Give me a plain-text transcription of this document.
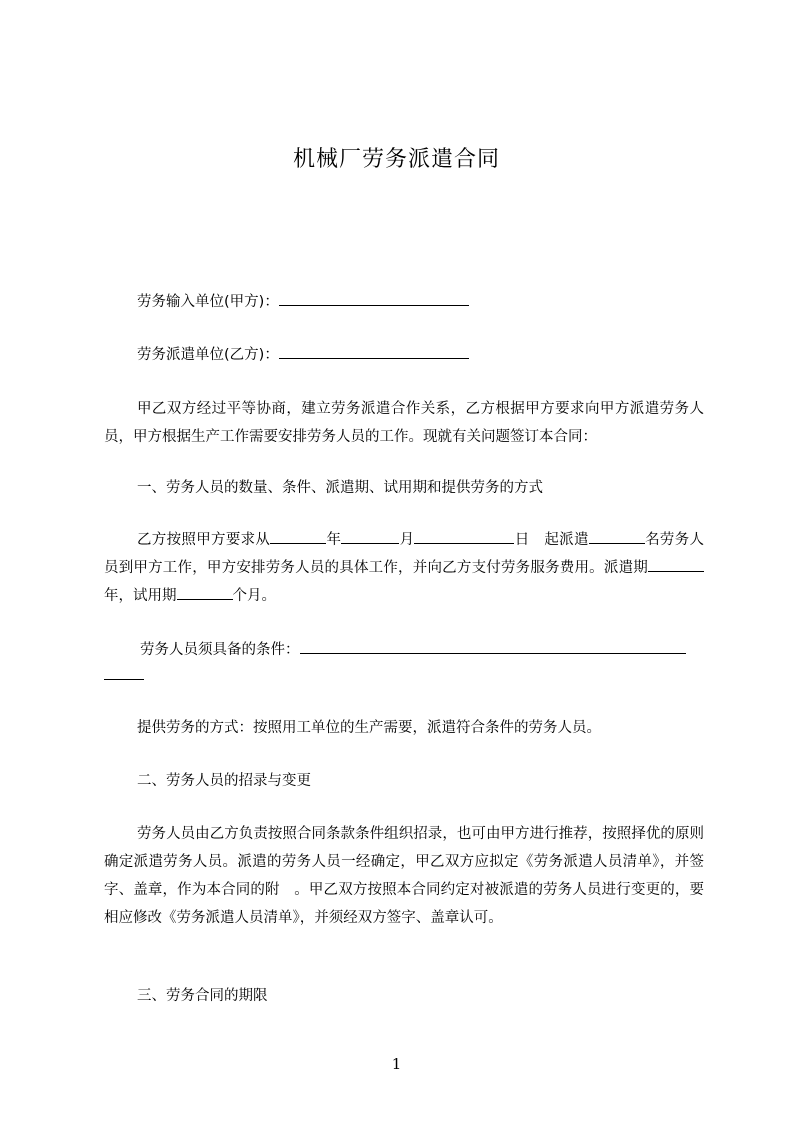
机械厂劳务派遣合同
劳务输入单位(甲方)：
劳务派遣单位(乙方)：
甲乙双方经过平等协商，建立劳务派遣合作关系，乙方根据甲方要求向甲方派遣劳务人员，甲方根据生产工作需要安排劳务人员的工作。现就有关问题签订本合同：
一、劳务人员的数量、条件、派遣期、试用期和提供劳务的方式
乙方按照甲方要求从	年	月	日　起派遣	名劳务人员到甲方工作，甲方安排劳务人员的具体工作，并向乙方支付劳务服务费用。派遣期年，试用期	个月。
劳务人员须具备的条件：
提供劳务的方式：按照用工单位的生产需要，派遣符合条件的劳务人员。
二、劳务人员的招录与变更
劳务人员由乙方负责按照合同条款条件组织招录，也可由甲方进行推荐，按照择优的原则确定派遣劳务人员。派遣的劳务人员一经确定，甲乙双方应拟定《劳务派遣人员清单》，并签字、盖章，作为本合同的附　。甲乙双方按照本合同约定对被派遣的劳务人员进行变更的，要相应修改《劳务派遣人员清单》，并须经双方签字、盖章认可。
三、劳务合同的期限
1
